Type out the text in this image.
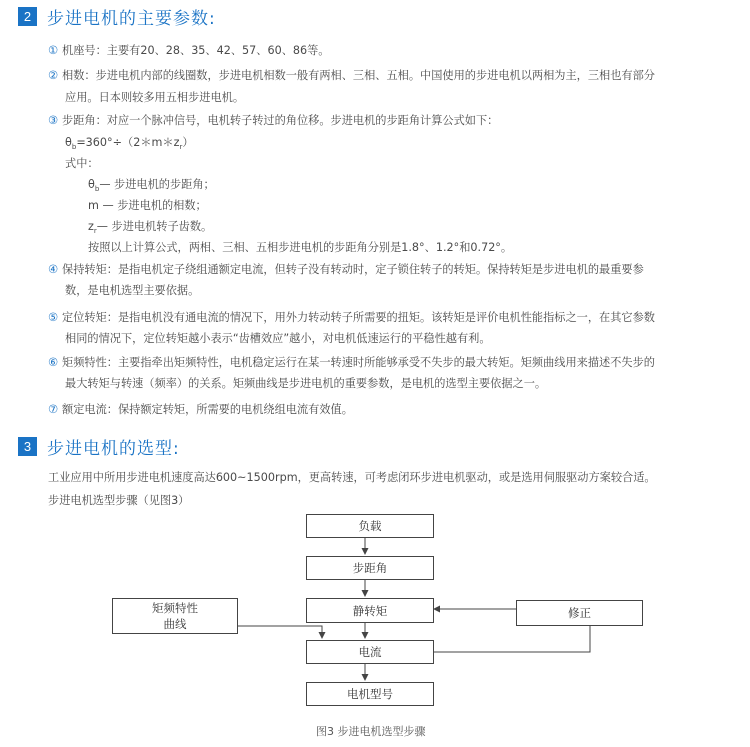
2 步进电机的主要参数:
① 机座号：主要有20、28、35、42、57、60、86等。
② 相数：步进电机内部的线圈数，步进电机相数一般有两相、三相、五相。中国使用的步进电机以两相为主，三相也有部分
应用。日本则较多用五相步进电机。
③ 步距角：对应一个脉冲信号，电机转子转过的角位移。步进电机的步距角计算公式如下：
$\theta_b=360^\circ\div(2*m*z_r)$
式中：
$\theta_b—$ 步进电机的步距角；
m — 步进电机的相数；
$z_r—$ 步进电机转子齿数。
按照以上计算公式，两相、三相、五相步进电机的步距角分别是1.8°、1.2°和0.72°。
④ 保持转矩：是指电机定子绕组通额定电流，但转子没有转动时，定子锁住转子的转矩。保持转矩是步进电机的最重要参
数，是电机选型主要依据。
⑤ 定位转矩：是指电机没有通电流的情况下，用外力转动转子所需要的扭矩。该转矩是评价电机性能指标之一，在其它参数
相同的情况下，定位转矩越小表示“齿槽效应”越小，对电机低速运行的平稳性越有利。
⑥ 矩频特性：主要指牵出矩频特性，电机稳定运行在某一转速时所能够承受不失步的最大转矩。矩频曲线用来描述不失步的
最大转矩与转速（频率）的关系。矩频曲线是步进电机的重要参数，是电机的选型主要依据之一。
⑦ 额定电流：保持额定转矩，所需要的电机绕组电流有效值。
3 步进电机的选型:
工业应用中所用步进电机速度高达600~1500rpm，更高转速，可考虑闭环步进电机驱动，或是选用伺服驱动方案较合适。
步进电机选型步骤（见图3）
负载
步距角
静转矩
电流
电机型号
矩频特性
曲线
修正
图3 步进电机选型步骤
